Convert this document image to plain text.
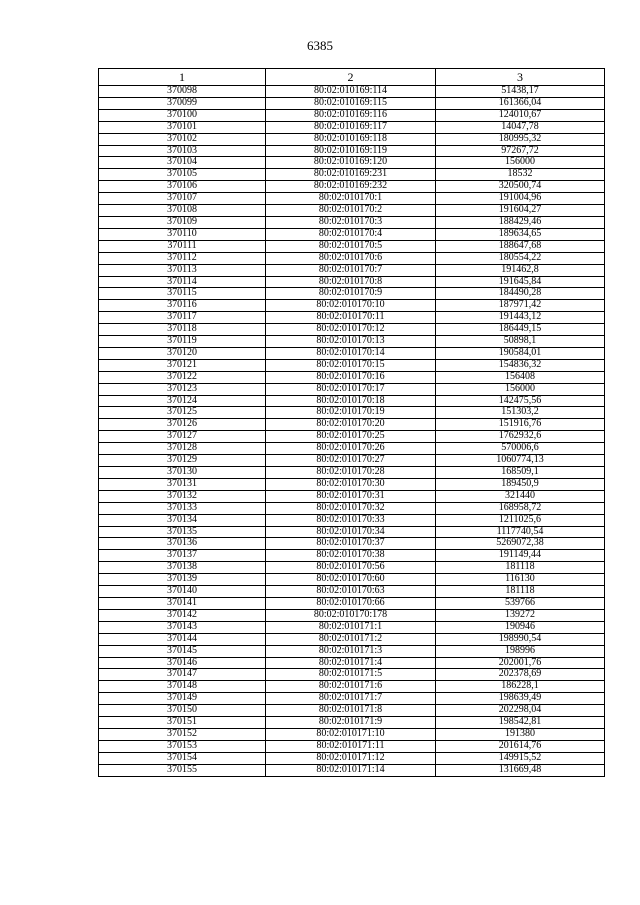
6385
1	2	3
370098	80:02:010169:114	51438,17
370099	80:02:010169:115	161366,04
370100	80:02:010169:116	124010,67
370101	80:02:010169:117	14047,78
370102	80:02:010169:118	180995,32
370103	80:02:010169:119	97267,72
370104	80:02:010169:120	156000
370105	80:02:010169:231	18532
370106	80:02:010169:232	320500,74
370107	80:02:010170:1	191004,96
370108	80:02:010170:2	191604,27
370109	80:02:010170:3	188429,46
370110	80:02:010170:4	189634,65
370111	80:02:010170:5	188647,68
370112	80:02:010170:6	180554,22
370113	80:02:010170:7	191462,8
370114	80:02:010170:8	191645,84
370115	80:02:010170:9	184490,28
370116	80:02:010170:10	187971,42
370117	80:02:010170:11	191443,12
370118	80:02:010170:12	186449,15
370119	80:02:010170:13	50898,1
370120	80:02:010170:14	190584,01
370121	80:02:010170:15	154836,32
370122	80:02:010170:16	156408
370123	80:02:010170:17	156000
370124	80:02:010170:18	142475,56
370125	80:02:010170:19	151303,2
370126	80:02:010170:20	151916,76
370127	80:02:010170:25	1762932,6
370128	80:02:010170:26	570006,6
370129	80:02:010170:27	1060774,13
370130	80:02:010170:28	168509,1
370131	80:02:010170:30	189450,9
370132	80:02:010170:31	321440
370133	80:02:010170:32	168958,72
370134	80:02:010170:33	1211025,6
370135	80:02:010170:34	1117740,54
370136	80:02:010170:37	5269072,38
370137	80:02:010170:38	191149,44
370138	80:02:010170:56	181118
370139	80:02:010170:60	116130
370140	80:02:010170:63	181118
370141	80:02:010170:66	539766
370142	80:02:010170:178	139272
370143	80:02:010171:1	190946
370144	80:02:010171:2	198990,54
370145	80:02:010171:3	198996
370146	80:02:010171:4	202001,76
370147	80:02:010171:5	202378,69
370148	80:02:010171:6	186228,1
370149	80:02:010171:7	198639,49
370150	80:02:010171:8	202298,04
370151	80:02:010171:9	198542,81
370152	80:02:010171:10	191380
370153	80:02:010171:11	201614,76
370154	80:02:010171:12	149915,52
370155	80:02:010171:14	131669,48
